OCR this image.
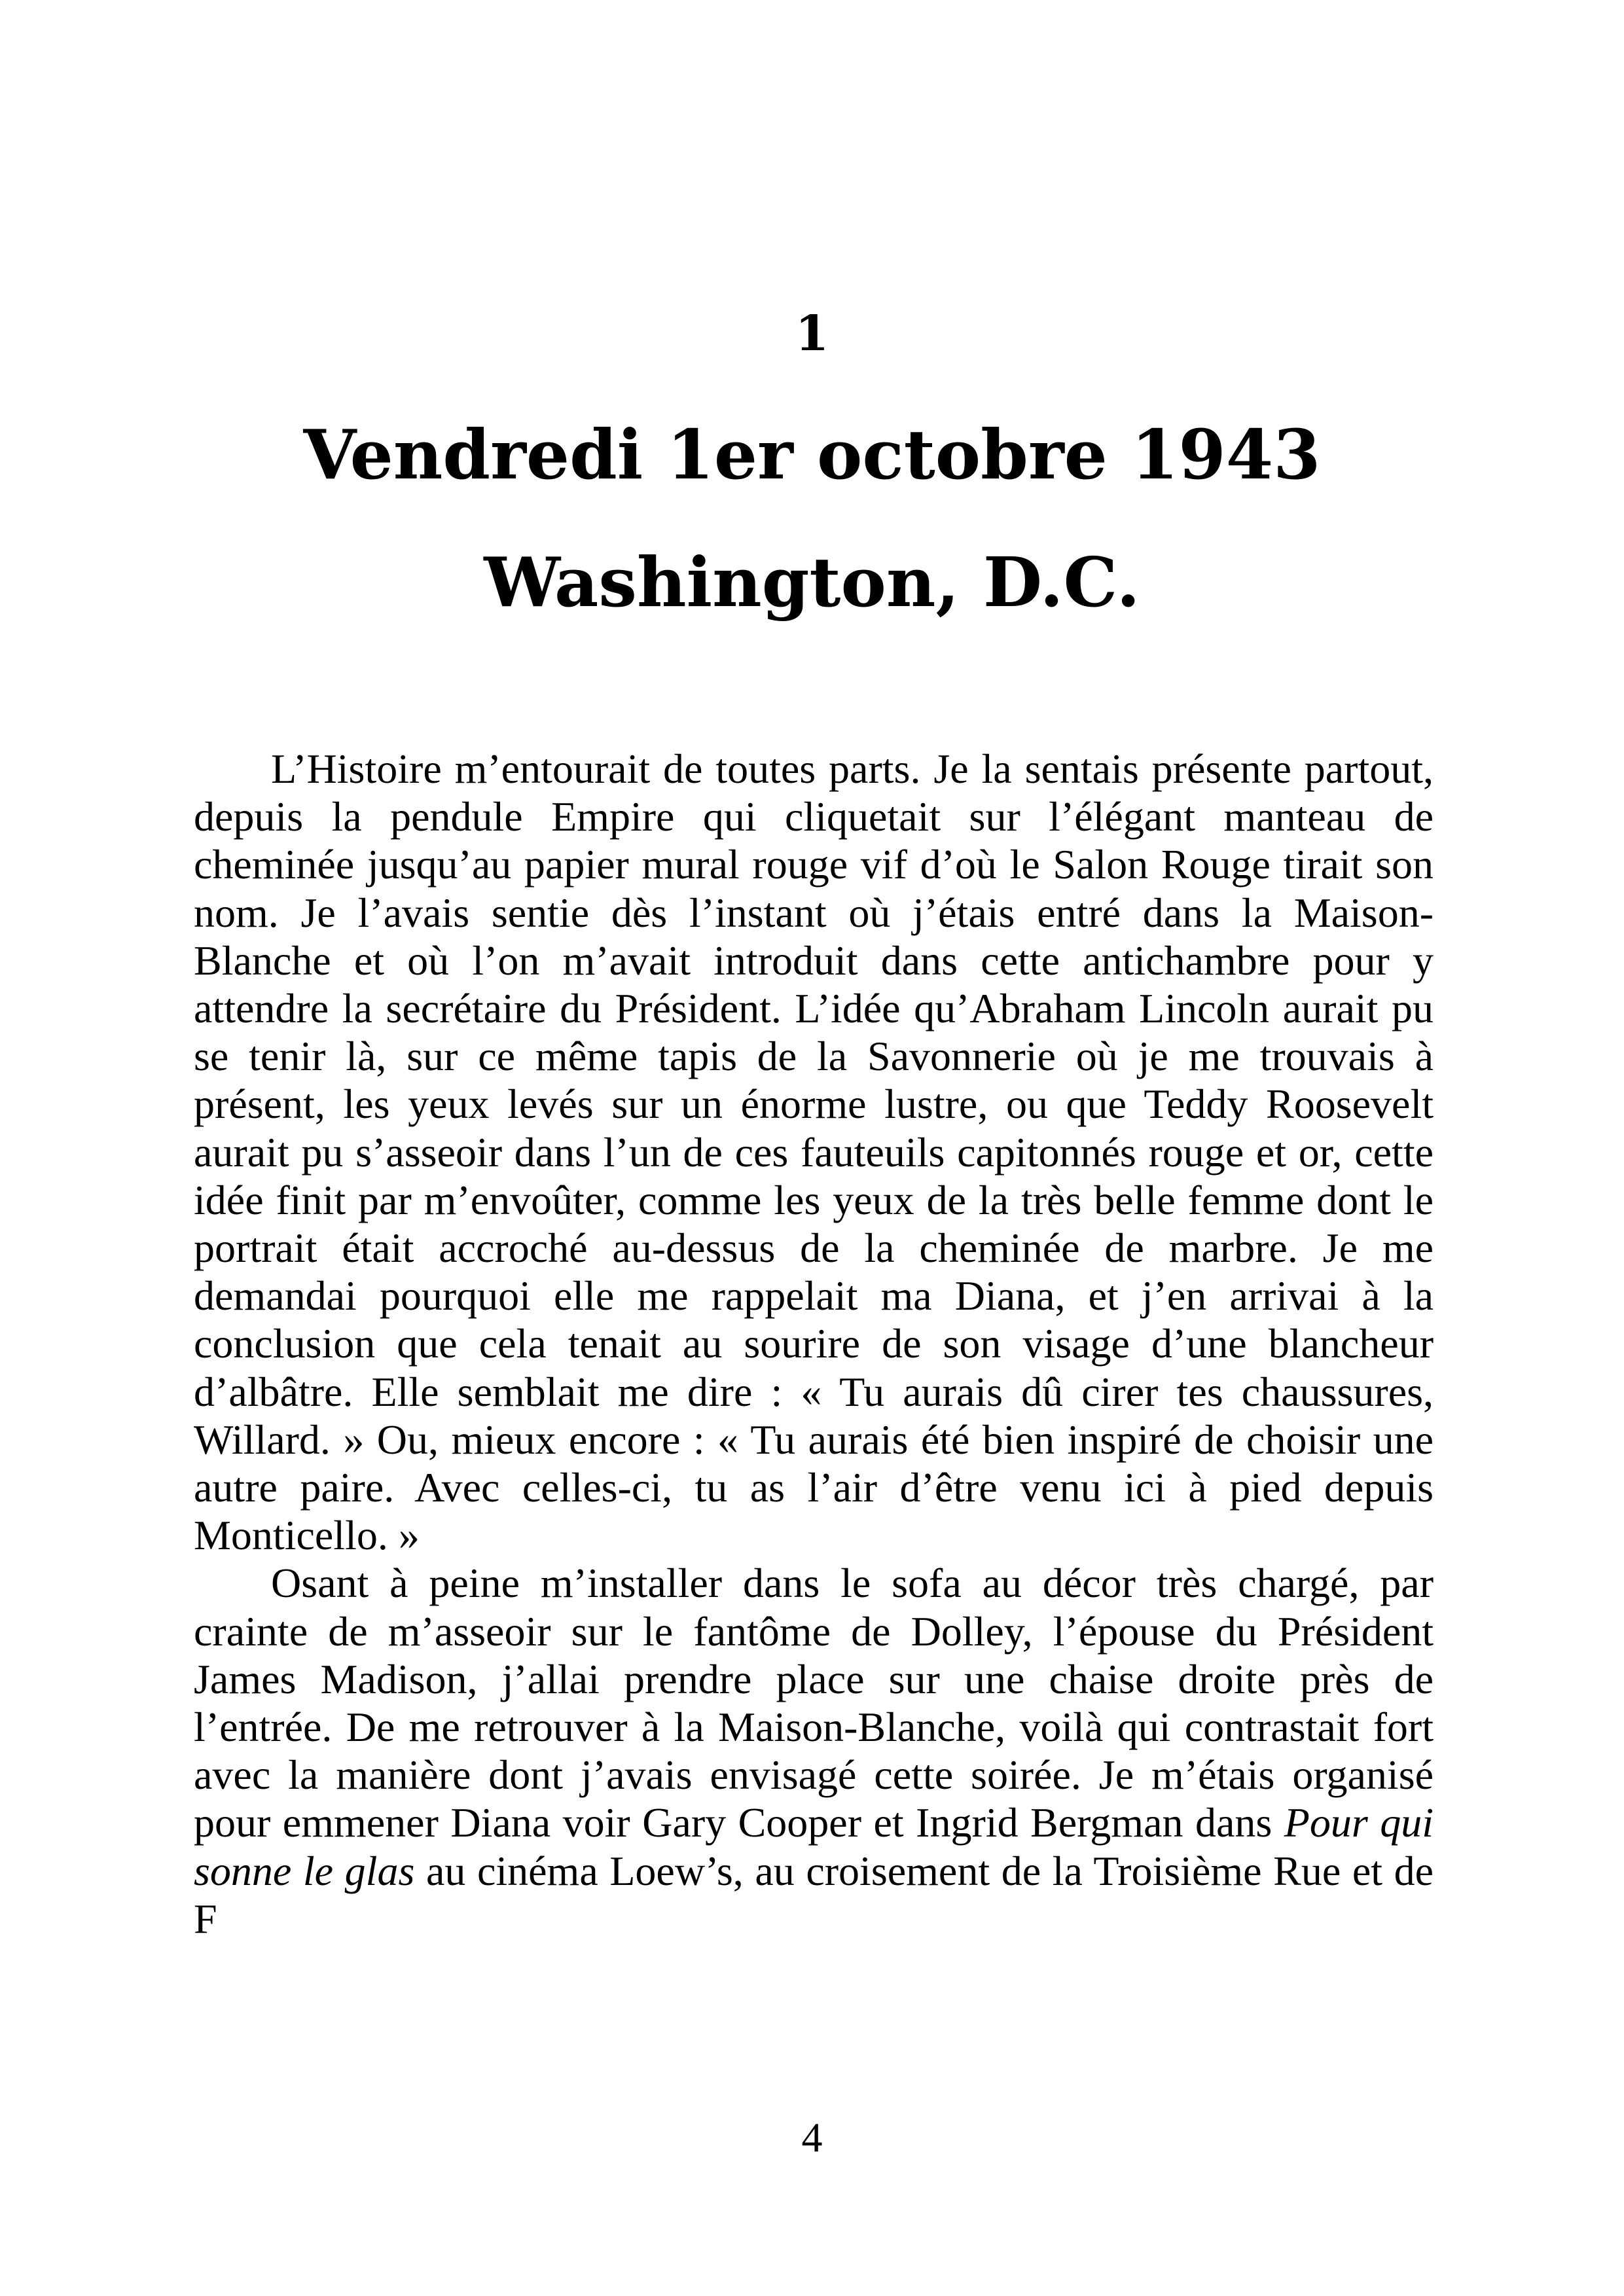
1
Vendredi 1er octobre 1943
Washington, D.C.

L’Histoire m’entourait de toutes parts. Je la sentais présente partout, depuis la pendule Empire qui cliquetait sur l’élégant manteau de cheminée jusqu’au papier mural rouge vif d’où le Salon Rouge tirait son nom. Je l’avais sentie dès l’instant où j’étais entré dans la Maison-Blanche et où l’on m’avait introduit dans cette antichambre pour y attendre la secrétaire du Président. L’idée qu’Abraham Lincoln aurait pu se tenir là, sur ce même tapis de la Savonnerie où je me trouvais à présent, les yeux levés sur un énorme lustre, ou que Teddy Roosevelt aurait pu s’asseoir dans l’un de ces fauteuils capitonnés rouge et or, cette idée finit par m’envoûter, comme les yeux de la très belle femme dont le portrait était accroché au-dessus de la cheminée de marbre. Je me demandai pourquoi elle me rappelait ma Diana, et j’en arrivai à la conclusion que cela tenait au sourire de son visage d’une blancheur d’albâtre. Elle semblait me dire : « Tu aurais dû cirer tes chaussures, Willard. » Ou, mieux encore : « Tu aurais été bien inspiré de choisir une autre paire. Avec celles-ci, tu as l’air d’être venu ici à pied depuis Monticello. »

Osant à peine m’installer dans le sofa au décor très chargé, par crainte de m’asseoir sur le fantôme de Dolley, l’épouse du Président James Madison, j’allai prendre place sur une chaise droite près de l’entrée. De me retrouver à la Maison-Blanche, voilà qui contrastait fort avec la manière dont j’avais envisagé cette soirée. Je m’étais organisé pour emmener Diana voir Gary Cooper et Ingrid Bergman dans Pour qui sonne le glas au cinéma Loew’s, au croisement de la Troisième Rue et de F

4
